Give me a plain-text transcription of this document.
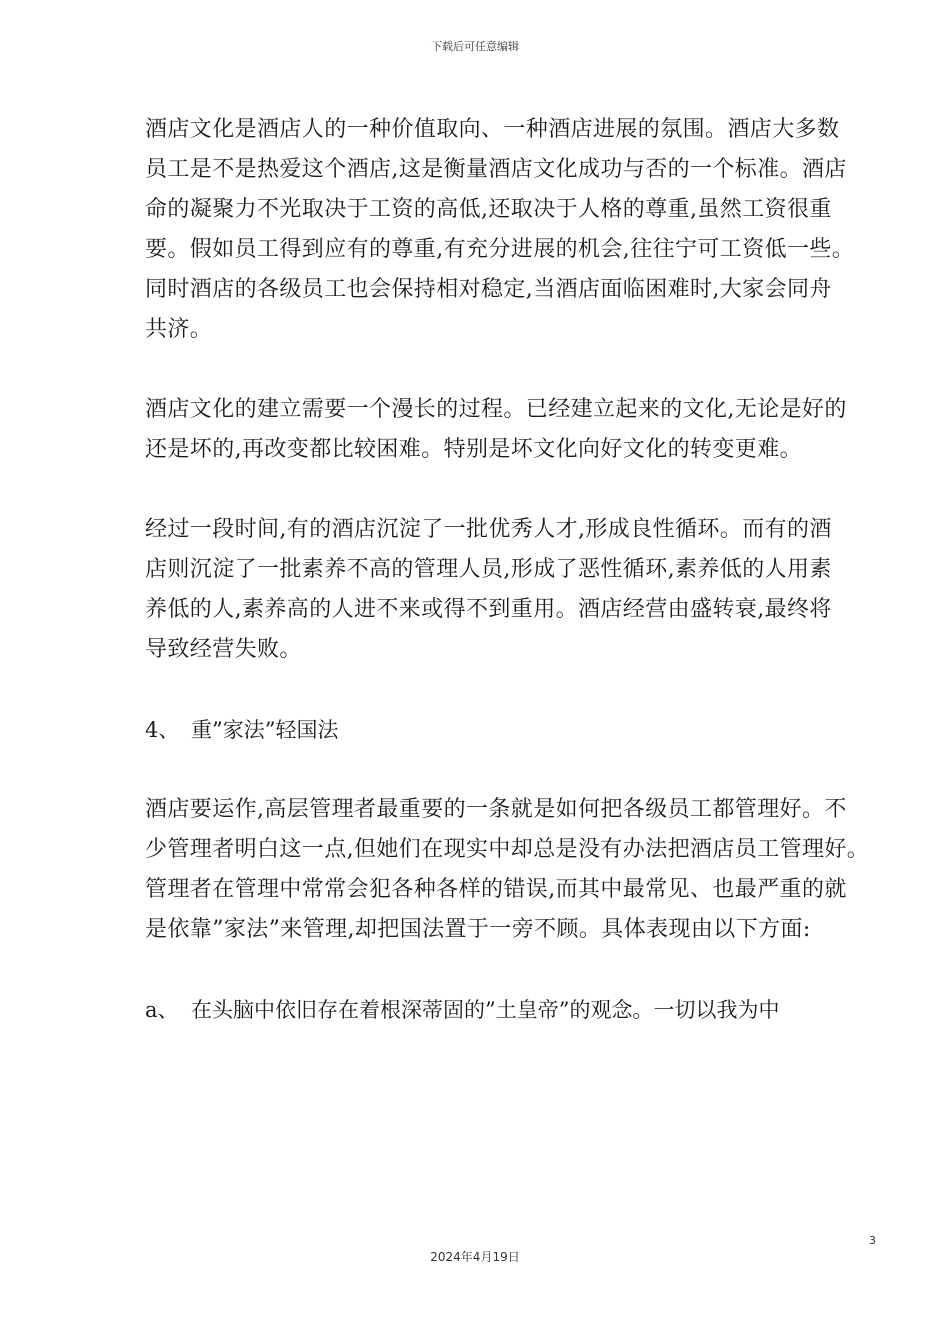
下载后可任意编辑

酒店文化是酒店人的一种价值取向、一种酒店进展的氛围。酒店大多数
员工是不是热爱这个酒店,这是衡量酒店文化成功与否的一个标准。酒店
命的凝聚力不光取决于工资的高低,还取决于人格的尊重,虽然工资很重
要。假如员工得到应有的尊重,有充分进展的机会,往往宁可工资低一些。
同时酒店的各级员工也会保持相对稳定,当酒店面临困难时,大家会同舟
共济。

酒店文化的建立需要一个漫长的过程。已经建立起来的文化,无论是好的
还是坏的,再改变都比较困难。特别是坏文化向好文化的转变更难。

经过一段时间,有的酒店沉淀了一批优秀人才,形成良性循环。而有的酒
店则沉淀了一批素养不高的管理人员,形成了恶性循环,素养低的人用素
养低的人,素养高的人进不来或得不到重用。酒店经营由盛转衰,最终将
导致经营失败。

4、 重”家法”轻国法

酒店要运作,高层管理者最重要的一条就是如何把各级员工都管理好。不
少管理者明白这一点,但她们在现实中却总是没有办法把酒店员工管理好。
管理者在管理中常常会犯各种各样的错误,而其中最常见、也最严重的就
是依靠”家法”来管理,却把国法置于一旁不顾。具体表现由以下方面:

a、 在头脑中依旧存在着根深蒂固的”土皇帝”的观念。一切以我为中
3
2024年4月19日
